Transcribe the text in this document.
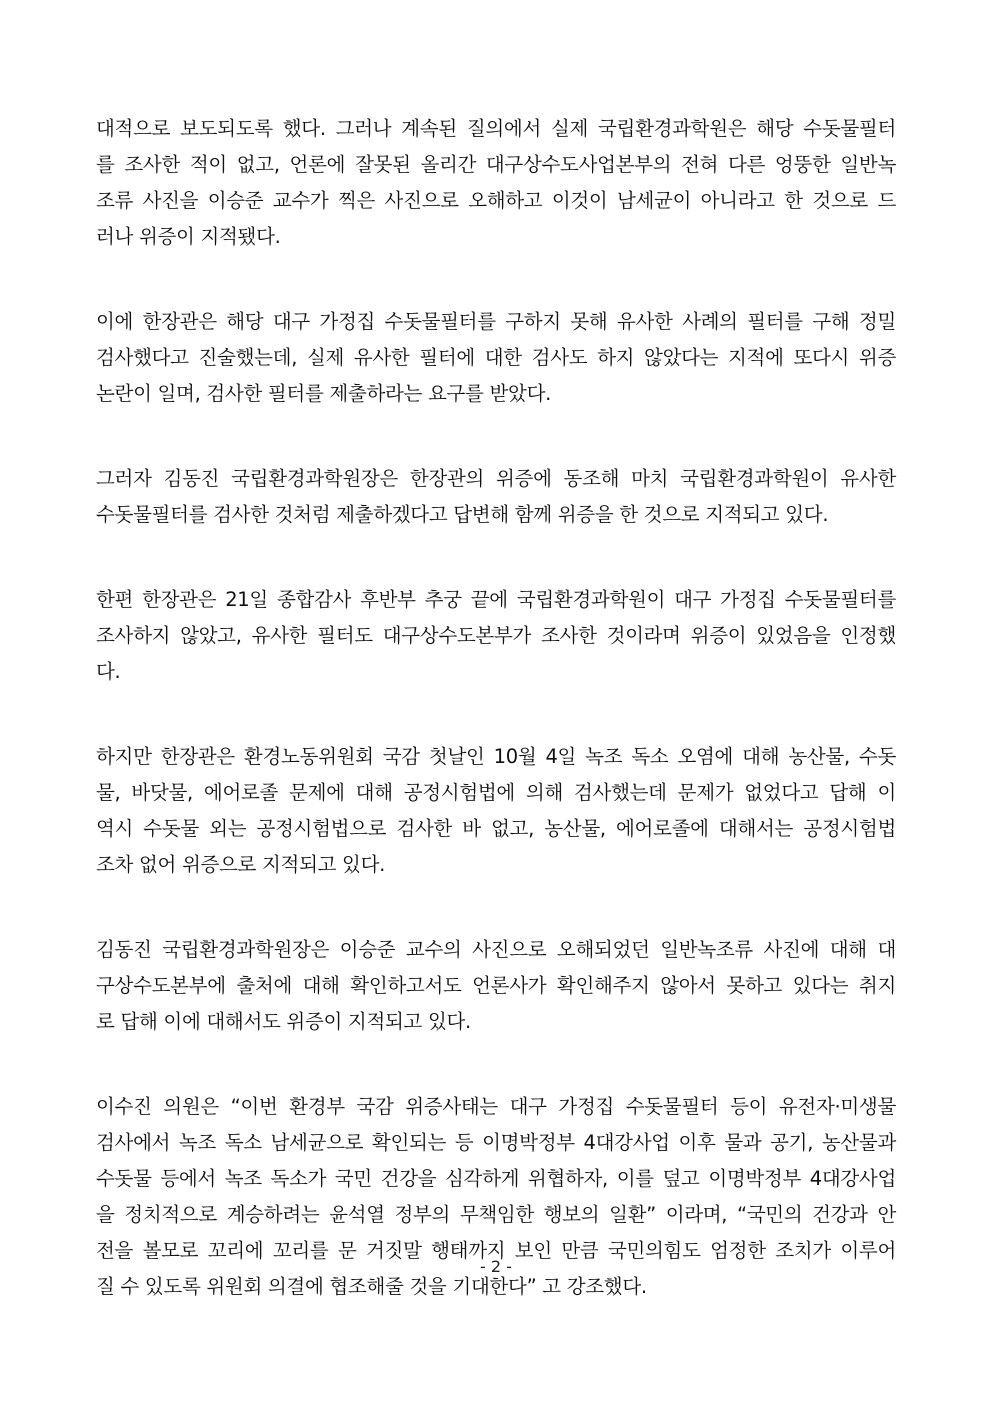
대적으로 보도되도록 했다. 그러나 계속된 질의에서 실제 국립환경과학원은 해당 수돗물필터
를 조사한 적이 없고, 언론에 잘못된 올리간 대구상수도사업본부의 전혀 다른 엉뚱한 일반녹
조류 사진을 이승준 교수가 찍은 사진으로 오해하고 이것이 남세균이 아니라고 한 것으로 드
러나 위증이 지적됐다.

이에 한장관은 해당 대구 가정집 수돗물필터를 구하지 못해 유사한 사례의 필터를 구해 정밀
검사했다고 진술했는데, 실제 유사한 필터에 대한 검사도 하지 않았다는 지적에 또다시 위증
논란이 일며, 검사한 필터를 제출하라는 요구를 받았다.

그러자 김동진 국립환경과학원장은 한장관의 위증에 동조해 마치 국립환경과학원이 유사한
수돗물필터를 검사한 것처럼 제출하겠다고 답변해 함께 위증을 한 것으로 지적되고 있다.

한편 한장관은 21일 종합감사 후반부 추궁 끝에 국립환경과학원이 대구 가정집 수돗물필터를
조사하지 않았고, 유사한 필터도 대구상수도본부가 조사한 것이라며 위증이 있었음을 인정했
다.

하지만 한장관은 환경노동위원회 국감 첫날인 10월 4일 녹조 독소 오염에 대해 농산물, 수돗
물, 바닷물, 에어로졸 문제에 대해 공정시험법에 의해 검사했는데 문제가 없었다고 답해 이
역시 수돗물 외는 공정시험법으로 검사한 바 없고, 농산물, 에어로졸에 대해서는 공정시험법
조차 없어 위증으로 지적되고 있다.

김동진 국립환경과학원장은 이승준 교수의 사진으로 오해되었던 일반녹조류 사진에 대해 대
구상수도본부에 출처에 대해 확인하고서도 언론사가 확인해주지 않아서 못하고 있다는 취지
로 답해 이에 대해서도 위증이 지적되고 있다.

이수진 의원은 “이번 환경부 국감 위증사태는 대구 가정집 수돗물필터 등이 유전자·미생물
검사에서 녹조 독소 남세균으로 확인되는 등 이명박정부 4대강사업 이후 물과 공기, 농산물과
수돗물 등에서 녹조 독소가 국민 건강을 심각하게 위협하자, 이를 덮고 이명박정부 4대강사업
을 정치적으로 계승하려는 윤석열 정부의 무책임한 행보의 일환” 이라며, “국민의 건강과 안
전을 볼모로 꼬리에 꼬리를 문 거짓말 행태까지 보인 만큼 국민의힘도 엄정한 조치가 이루어
질 수 있도록 위원회 의결에 협조해줄 것을 기대한다” 고 강조했다.

- 2 -
